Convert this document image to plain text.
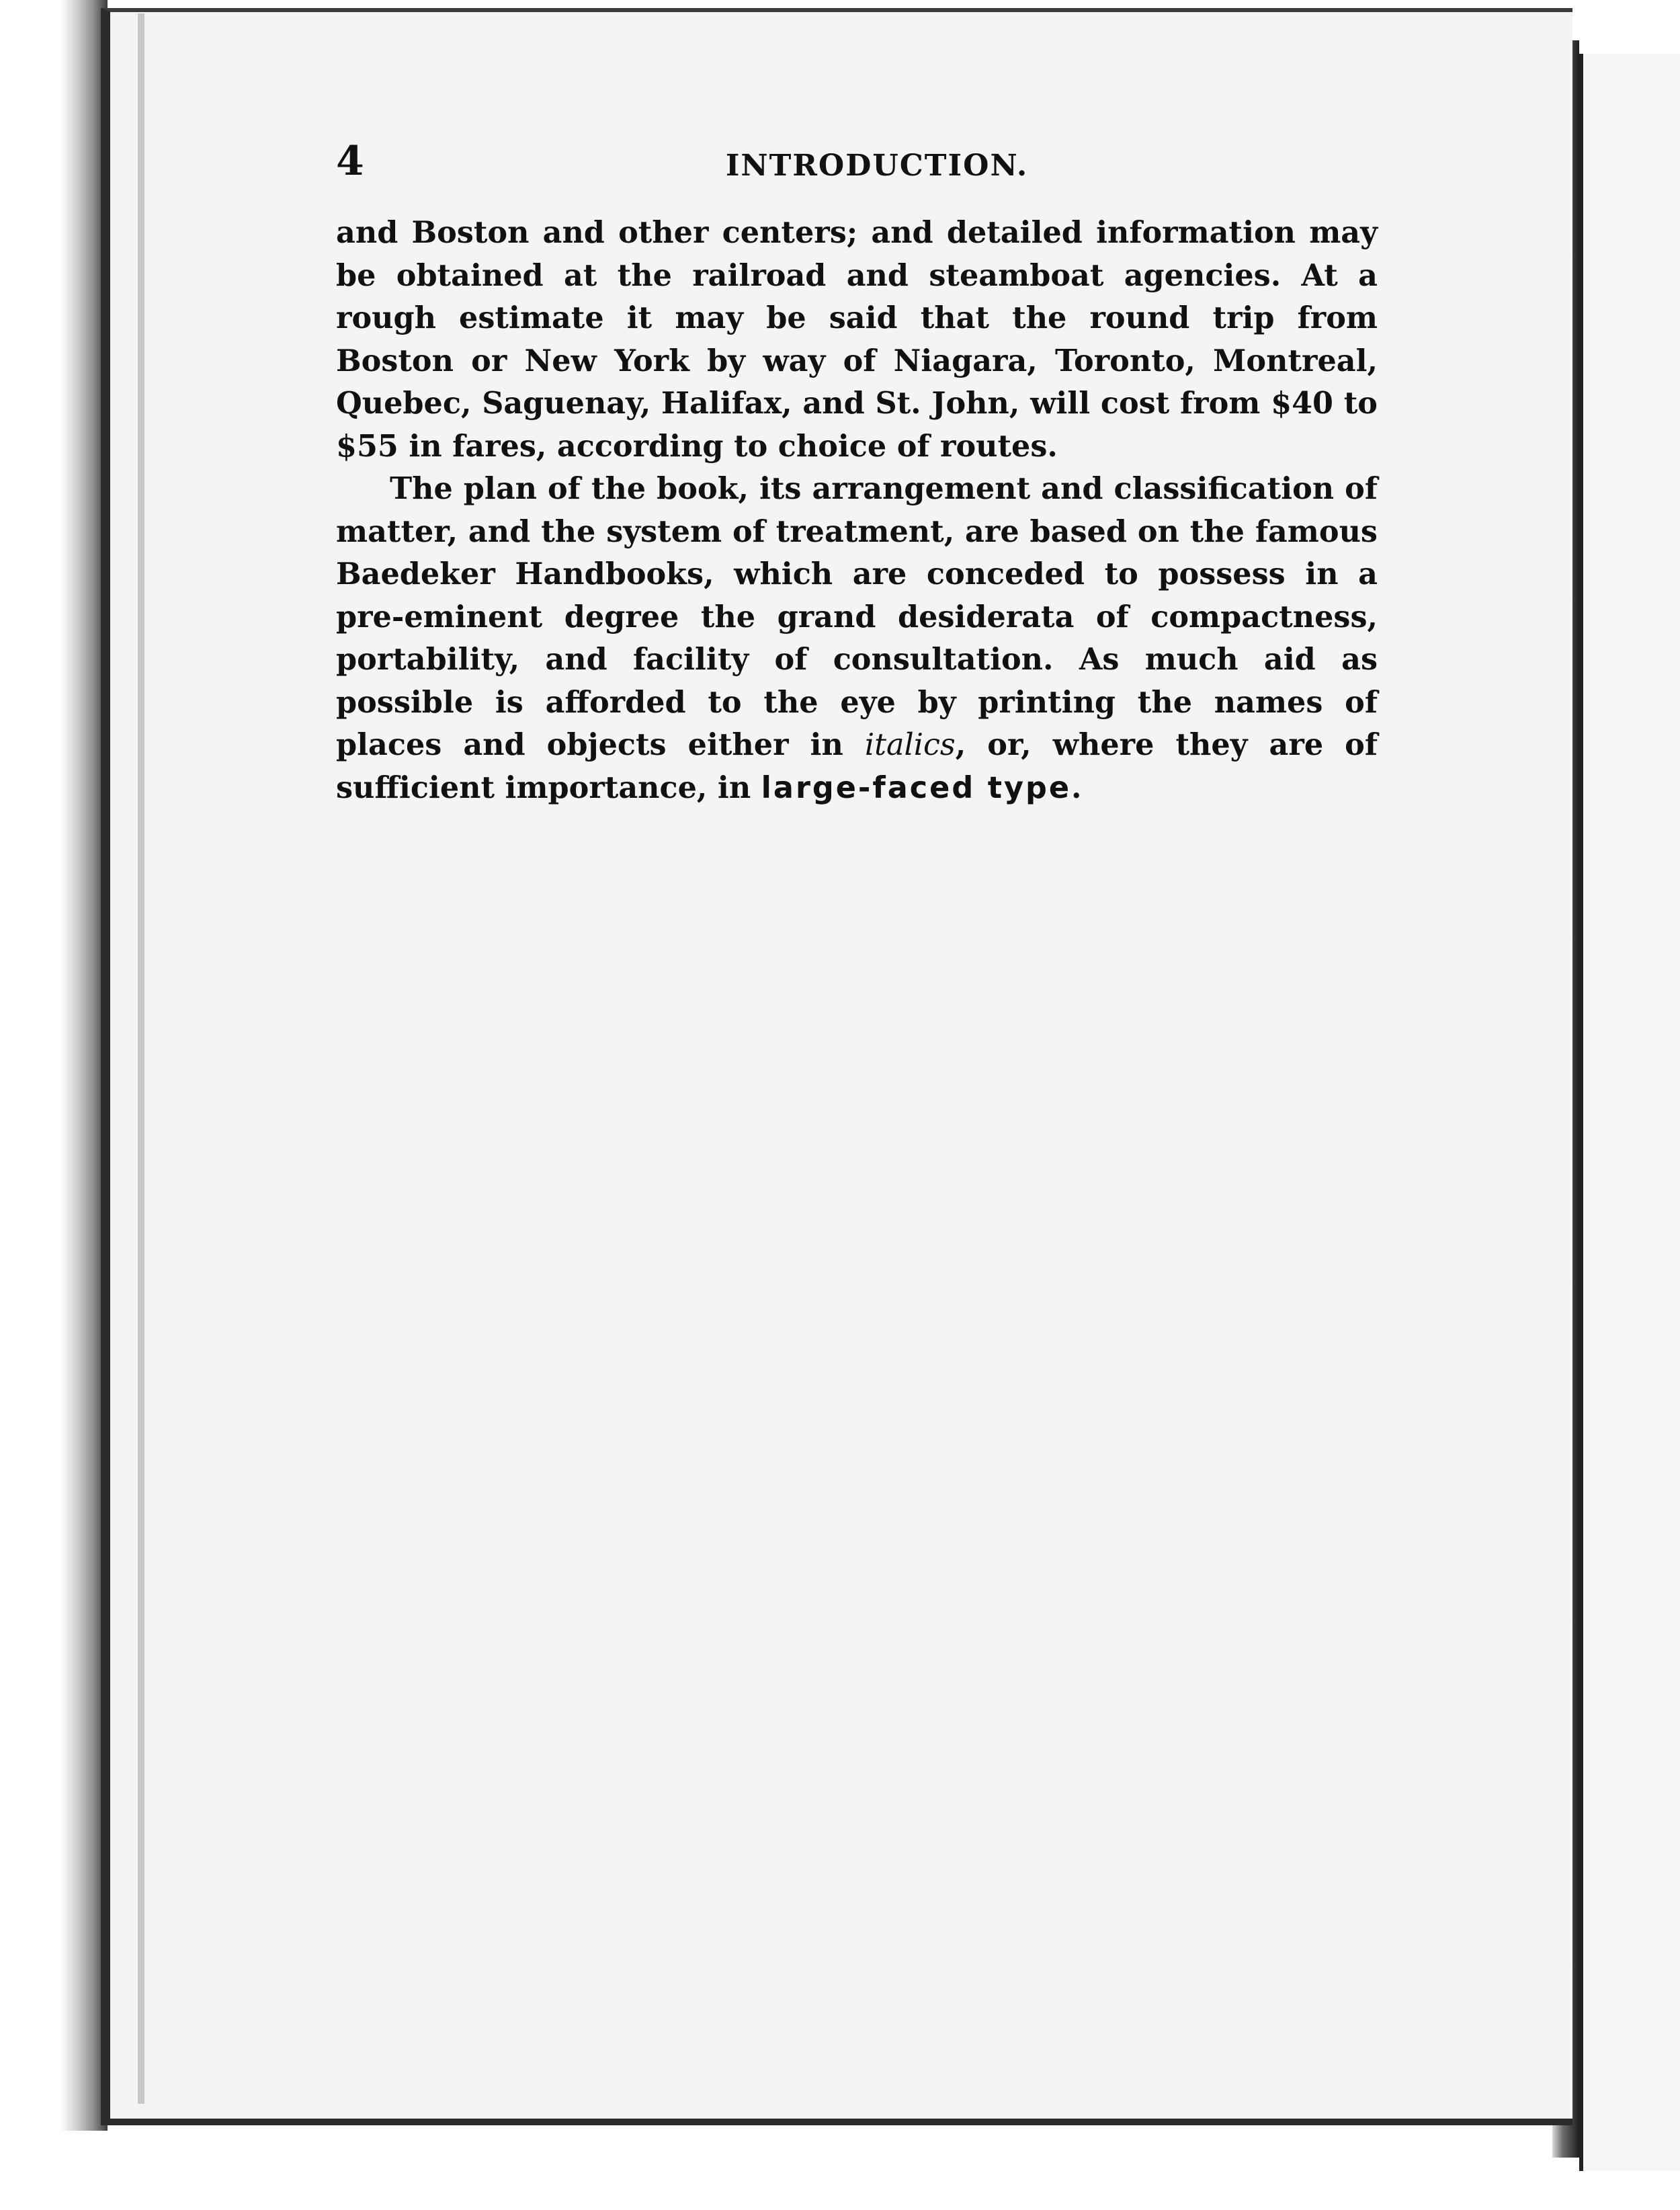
4	INTRODUCTION.

and Boston and other centers; and detailed information may be obtained at the railroad and steamboat agencies. At a rough estimate it may be said that the round trip from Boston or New York by way of Niagara, Toronto, Montreal, Quebec, Saguenay, Halifax, and St. John, will cost from $40 to $55 in fares, according to choice of routes.

The plan of the book, its arrangement and classification of matter, and the system of treatment, are based on the famous Baedeker Handbooks, which are conceded to possess in a pre-eminent degree the grand desiderata of compactness, portability, and facility of consultation. As much aid as possible is afforded to the eye by printing the names of places and objects either in italics, or, where they are of sufficient importance, in large-faced type.
